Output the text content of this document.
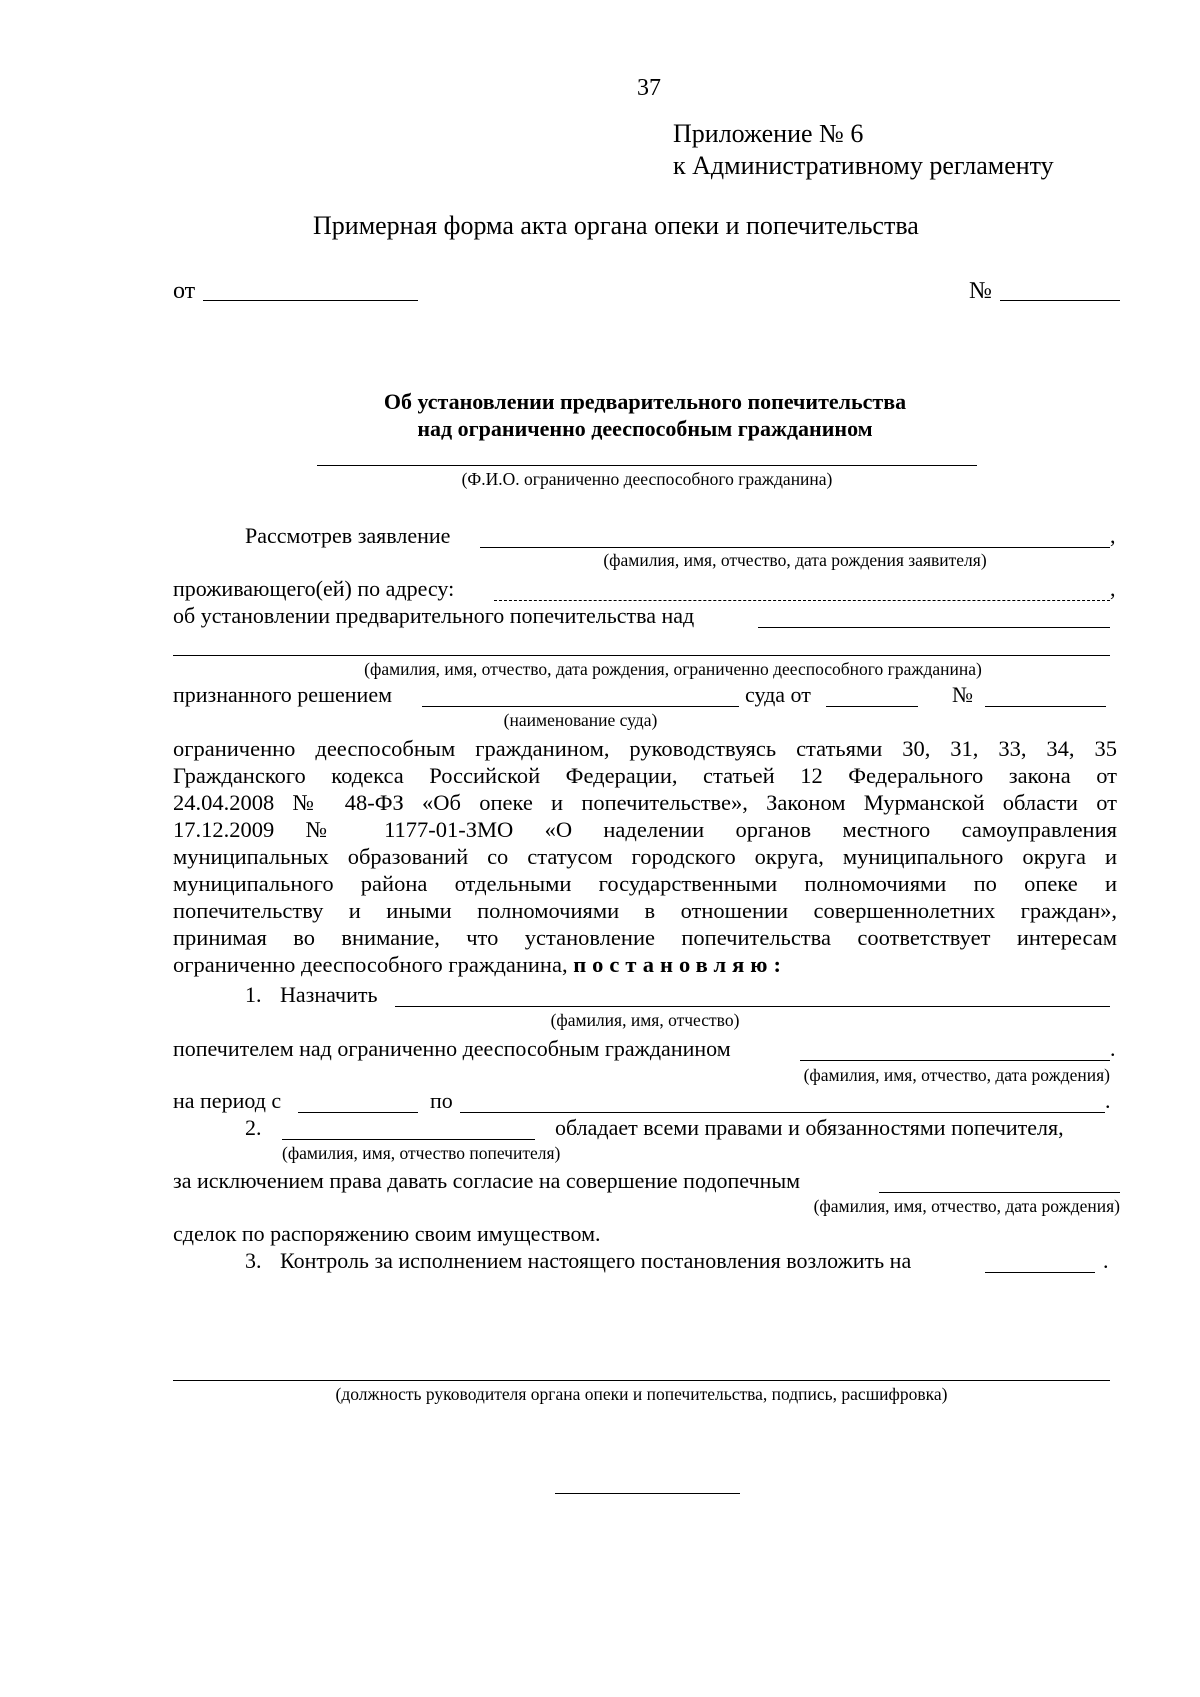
37
Приложение № 6
к Административному регламенту
Примерная форма акта органа опеки и попечительства
от	№
Об установлении предварительного попечительства
над ограниченно дееспособным гражданином
(Ф.И.О. ограниченно дееспособного гражданина)
Рассмотрев заявление	,
(фамилия, имя, отчество, дата рождения заявителя)
проживающего(ей) по адресу:	,
об установлении предварительного попечительства над
(фамилия, имя, отчество, дата рождения, ограниченно дееспособного гражданина)
признанного решением	суда от	№
(наименование суда)
ограниченно дееспособным гражданином, руководствуясь статьями 30, 31, 33, 34, 35
Гражданского кодекса Российской Федерации, статьей 12 Федерального закона от
24.04.2008 № 48-ФЗ «Об опеке и попечительстве», Законом Мурманской области от
17.12.2009 № 1177-01-ЗМО «О наделении органов местного самоуправления
муниципальных образований со статусом городского округа, муниципального округа и
муниципального района отдельными государственными полномочиями по опеке и
попечительству и иными полномочиями в отношении совершеннолетних граждан»,
принимая во внимание, что установление попечительства соответствует интересам
ограниченно дееспособного гражданина, постановляю:
1. Назначить
(фамилия, имя, отчество)
попечителем над ограниченно дееспособным гражданином	.
(фамилия, имя, отчество, дата рождения)
на период с	по	.
2.	обладает всеми правами и обязанностями попечителя,
(фамилия, имя, отчество попечителя)
за исключением права давать согласие на совершение подопечным
(фамилия, имя, отчество, дата рождения)
сделок по распоряжению своим имуществом.
3. Контроль за исполнением настоящего постановления возложить на	.
(должность руководителя органа опеки и попечительства, подпись, расшифровка)
